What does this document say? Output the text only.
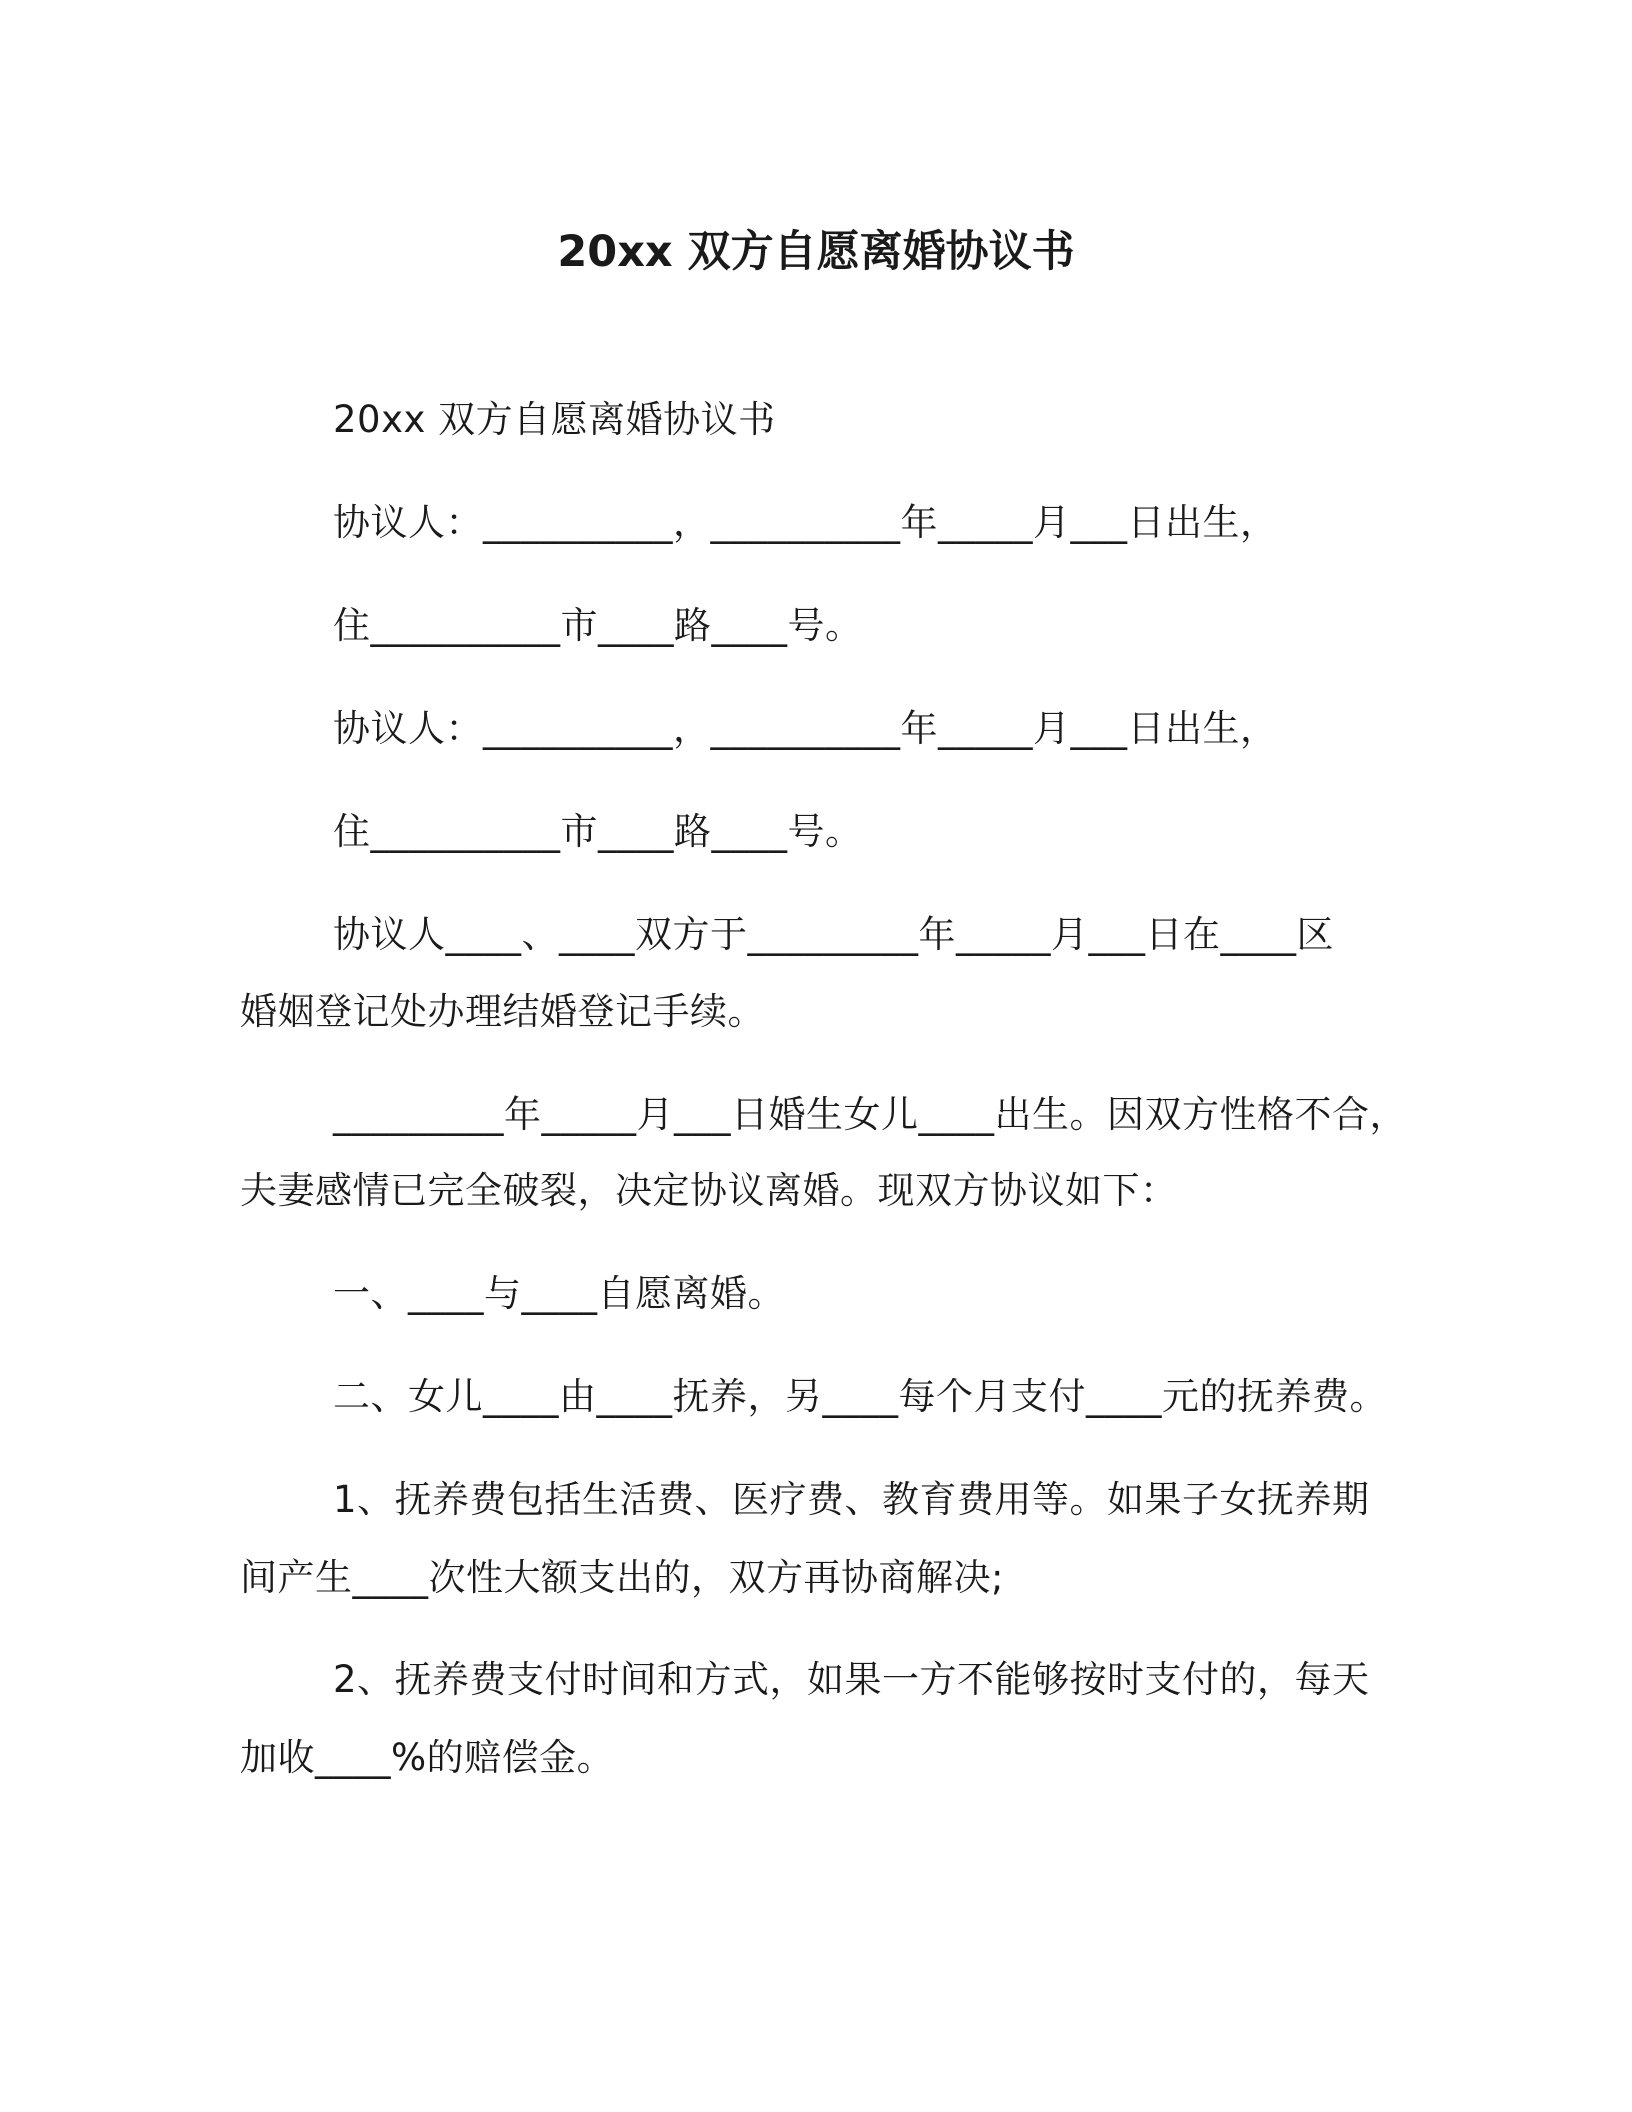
20xx 双方自愿离婚协议书
20xx 双方自愿离婚协议书
协议人：__________，__________年_____月___日出生，
住__________市____路____号。
协议人：__________，__________年_____月___日出生，
住__________市____路____号。
协议人____、____双方于_________年_____月___日在____区
婚姻登记处办理结婚登记手续。
_________年_____月___日婚生女儿____出生。因双方性格不合，
夫妻感情已完全破裂，决定协议离婚。现双方协议如下：
一、____与____自愿离婚。
二、女儿____由____抚养，另____每个月支付____元的抚养费。
1、抚养费包括生活费、医疗费、教育费用等。如果子女抚养期
间产生____次性大额支出的，双方再协商解决;
2、抚养费支付时间和方式，如果一方不能够按时支付的，每天
加收____%的赔偿金。
